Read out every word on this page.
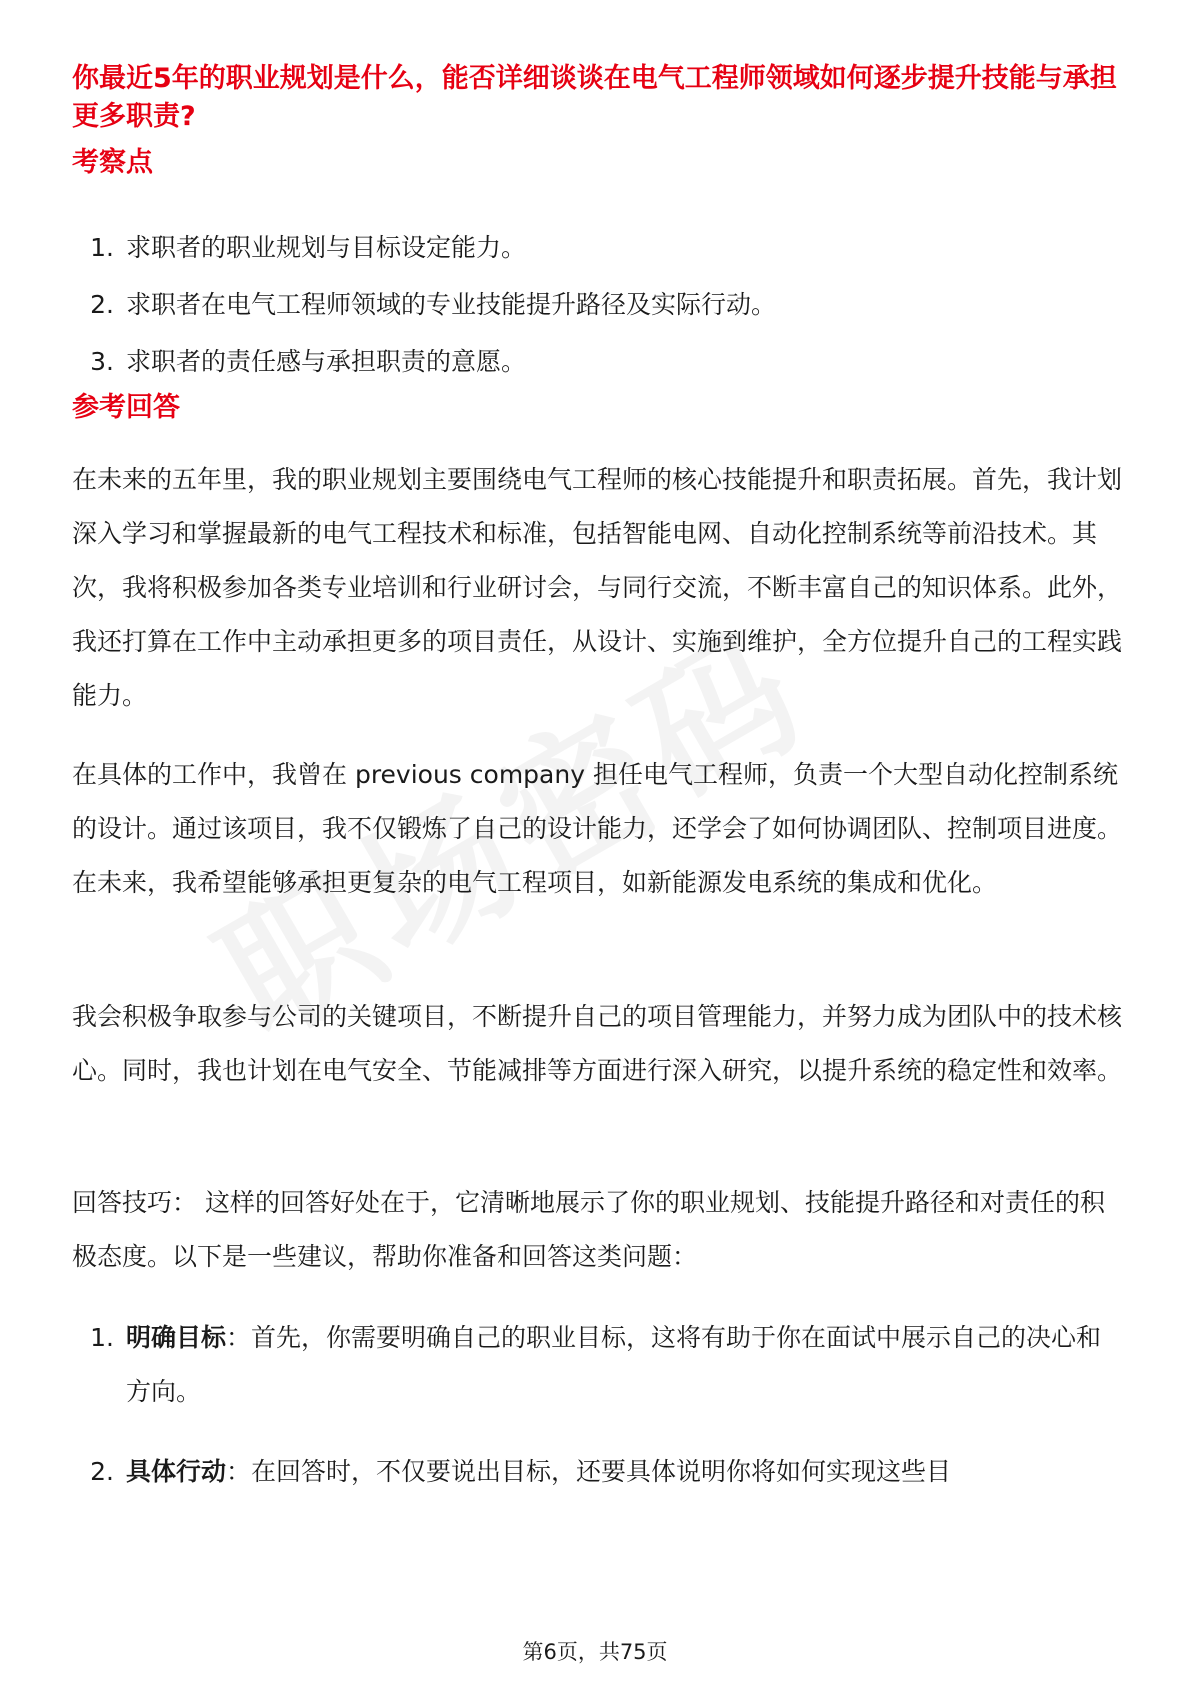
你最近5年的职业规划是什么，能否详细谈谈在电气工程师领域如何逐步提升技能与承担更多职责?
考察点
1. 求职者的职业规划与目标设定能力。
2. 求职者在电气工程师领域的专业技能提升路径及实际行动。
3. 求职者的责任感与承担职责的意愿。
参考回答

在未来的五年里，我的职业规划主要围绕电气工程师的核心技能提升和职责拓展。首先，我计划深入学习和掌握最新的电气工程技术和标准，包括智能电网、自动化控制系统等前沿技术。其次，我将积极参加各类专业培训和行业研讨会，与同行交流，不断丰富自己的知识体系。此外，我还打算在工作中主动承担更多的项目责任，从设计、实施到维护，全方位提升自己的工程实践能力。

在具体的工作中，我曾在 previous company 担任电气工程师，负责一个大型自动化控制系统的设计。通过该项目，我不仅锻炼了自己的设计能力，还学会了如何协调团队、控制项目进度。在未来，我希望能够承担更复杂的电气工程项目，如新能源发电系统的集成和优化。

我会积极争取参与公司的关键项目，不断提升自己的项目管理能力，并努力成为团队中的技术核心。同时，我也计划在电气安全、节能减排等方面进行深入研究，以提升系统的稳定性和效率。

回答技巧： 这样的回答好处在于，它清晰地展示了你的职业规划、技能提升路径和对责任的积极态度。以下是一些建议，帮助你准备和回答这类问题：

1. 明确目标：首先，你需要明确自己的职业目标，这将有助于你在面试中展示自己的决心和方向。
2. 具体行动：在回答时，不仅要说出目标，还要具体说明你将如何实现这些目
第6页，共75页
